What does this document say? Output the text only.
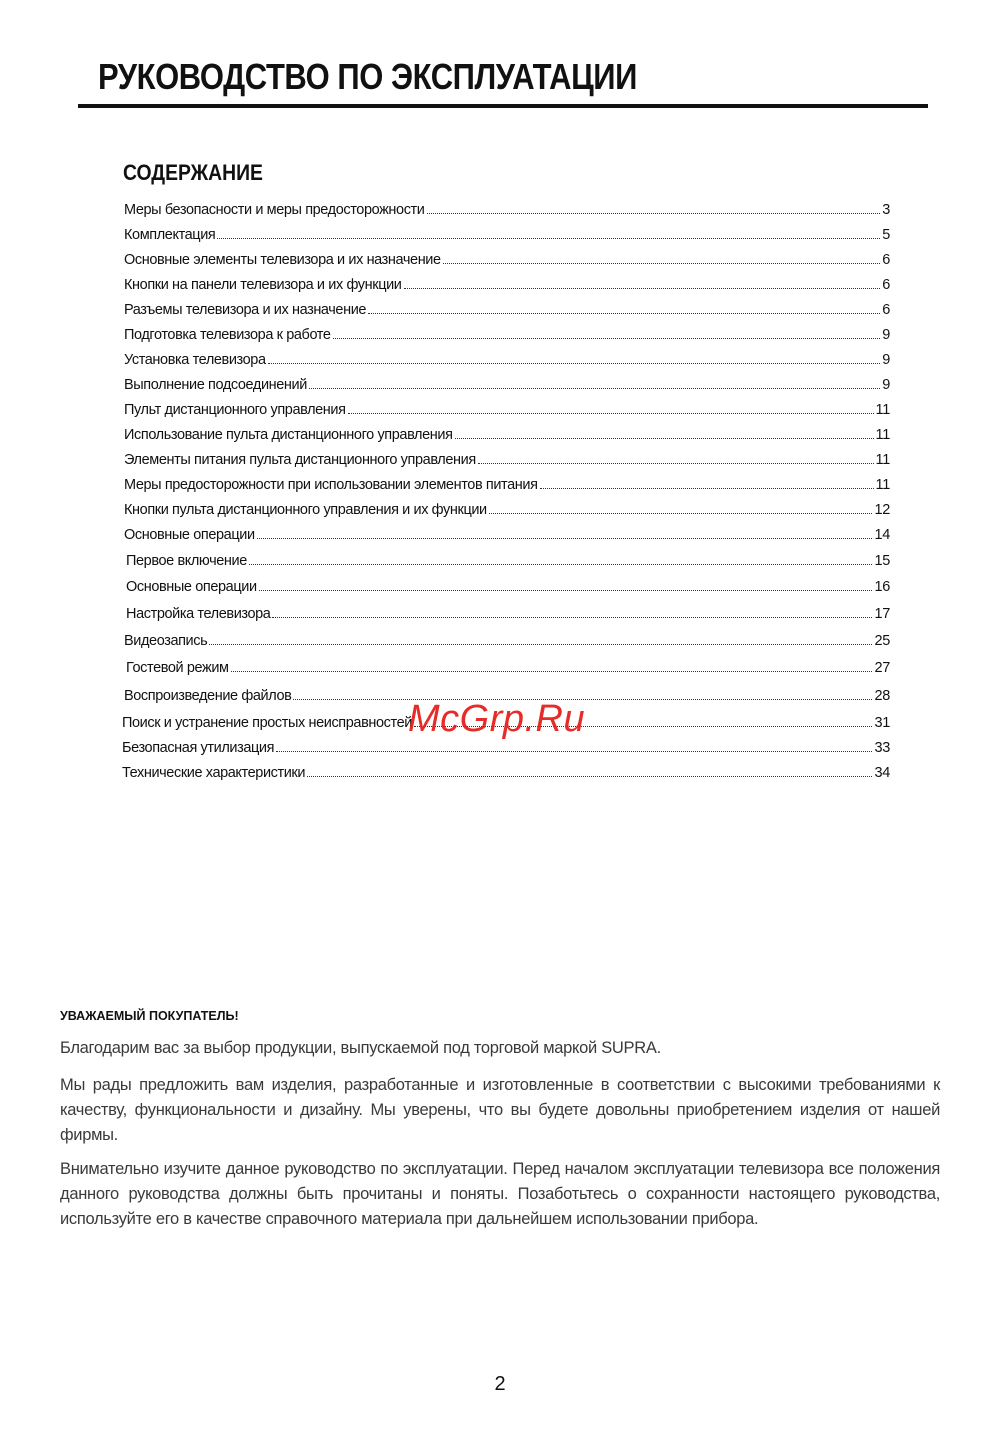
РУКОВОДСТВО ПО ЭКСПЛУАТАЦИИ
СОДЕРЖАНИЕ
Меры безопасности и меры предосторожности	3
Комплектация	5
Основные элементы телевизора и их назначение	6
Кнопки на панели телевизора и их функции	6
Разъемы телевизора и их назначение	6
Подготовка телевизора к работе	9
Установка телевизора	9
Выполнение подсоединений	9
Пульт дистанционного управления	11
Использование пульта дистанционного управления	11
Элементы питания пульта дистанционного управления	11
Меры предосторожности при использовании элементов питания	11
Кнопки пульта дистанционного управления и их функции	12
Основные операции	14
Первое включение	15
Основные операции	16
Настройка телевизора	17
Видеозапись	25
Гостевой режим	27
Воспроизведение файлов	28
Поиск и устранение простых неисправностей	31
Безопасная утилизация	33
Технические характеристики	34
McGrp.Ru
УВАЖАЕМЫЙ ПОКУПАТЕЛЬ!

Благодарим вас за выбор продукции, выпускаемой под торговой маркой SUPRA.

Мы рады предложить вам изделия, разработанные и изготовленные в соответствии с высокими требованиями к качеству, функциональности и дизайну. Мы уверены, что вы будете довольны приобретением изделия от нашей фирмы.

Внимательно изучите данное руководство по эксплуатации. Перед началом эксплуатации телевизора все положения данного руководства должны быть прочитаны и поняты. Позаботьтесь о сохранности настоящего руководства, используйте его в качестве справочного материала при дальнейшем использовании прибора.

2
